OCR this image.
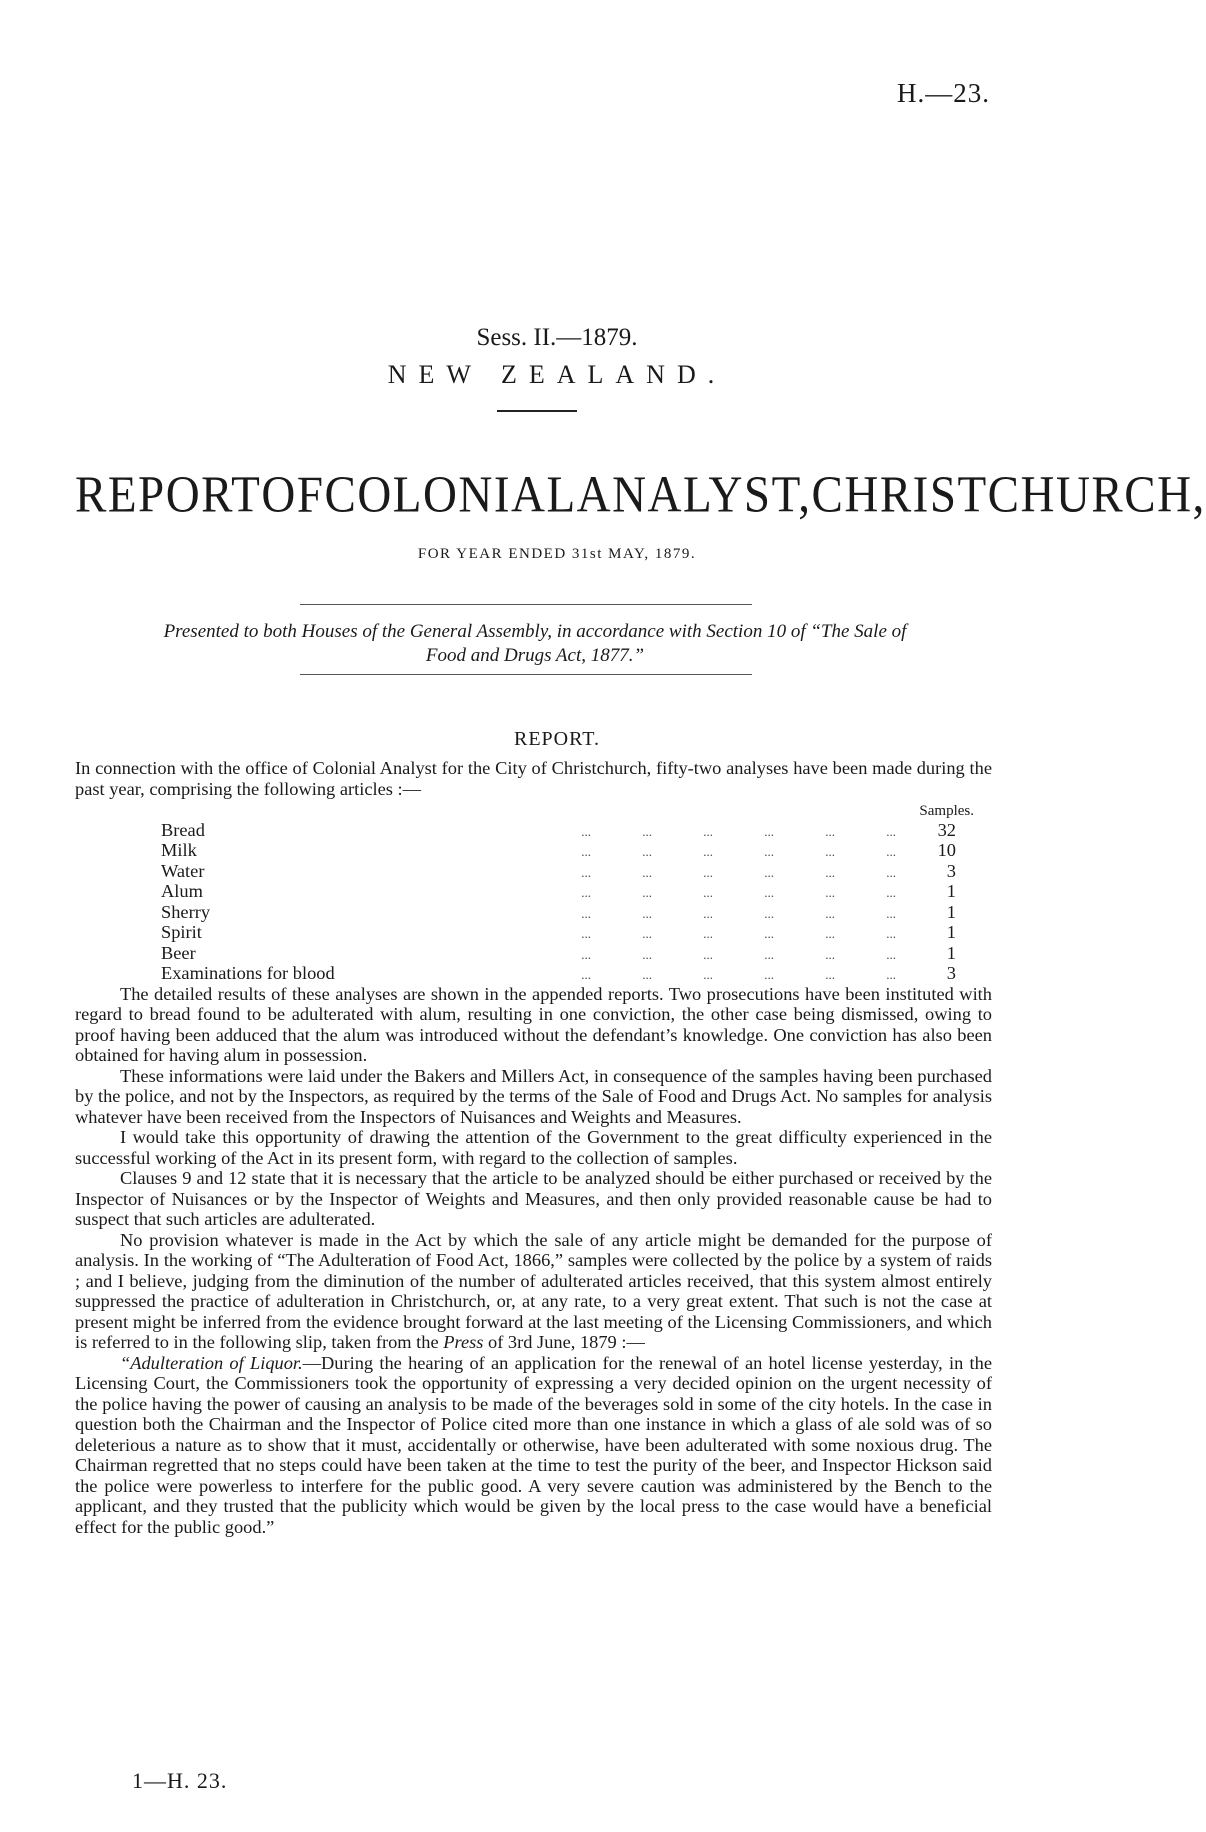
H.—23.
Sess. II.—1879.
NEW ZEALAND.
REPORT OF COLONIAL ANALYST, CHRISTCHURCH,
FOR YEAR ENDED 31st MAY, 1879.
Presented to both Houses of the General Assembly, in accordance with Section 10 of “The Sale of
Food and Drugs Act, 1877.”
REPORT.

In connection with the office of Colonial Analyst for the City of Christchurch, fifty-two analyses have been made during the past year, comprising the following articles :—

Samples.
Bread	... ... ... ... ... ...	32
Milk	... ... ... ... ... ...	10
Water	... ... ... ... ... ...	3
Alum	... ... ... ... ... ...	1
Sherry	... ... ... ... ... ...	1
Spirit	... ... ... ... ... ...	1
Beer	... ... ... ... ... ...	1
Examinations for blood	... ... ... ... ... ...	3

The detailed results of these analyses are shown in the appended reports. Two prosecutions have been instituted with regard to bread found to be adulterated with alum, resulting in one conviction, the other case being dismissed, owing to proof having been adduced that the alum was introduced without the defendant’s knowledge. One conviction has also been obtained for having alum in possession.

These informations were laid under the Bakers and Millers Act, in consequence of the samples having been purchased by the police, and not by the Inspectors, as required by the terms of the Sale of Food and Drugs Act. No samples for analysis whatever have been received from the Inspectors of Nuisances and Weights and Measures.

I would take this opportunity of drawing the attention of the Government to the great difficulty experienced in the successful working of the Act in its present form, with regard to the collection of samples.

Clauses 9 and 12 state that it is necessary that the article to be analyzed should be either purchased or received by the Inspector of Nuisances or by the Inspector of Weights and Measures, and then only provided reasonable cause be had to suspect that such articles are adulterated.

No provision whatever is made in the Act by which the sale of any article might be demanded for the purpose of analysis. In the working of “The Adulteration of Food Act, 1866,” samples were collected by the police by a system of raids ; and I believe, judging from the diminution of the number of adulterated articles received, that this system almost entirely suppressed the practice of adulteration in Christchurch, or, at any rate, to a very great extent. That such is not the case at present might be inferred from the evidence brought forward at the last meeting of the Licensing Commissioners, and which is referred to in the following slip, taken from the Press of 3rd June, 1879 :—

“Adulteration of Liquor.—During the hearing of an application for the renewal of an hotel license yesterday, in the Licensing Court, the Commissioners took the opportunity of expressing a very decided opinion on the urgent necessity of the police having the power of causing an analysis to be made of the beverages sold in some of the city hotels. In the case in question both the Chairman and the Inspector of Police cited more than one instance in which a glass of ale sold was of so deleterious a nature as to show that it must, accidentally or otherwise, have been adulterated with some noxious drug. The Chairman regretted that no steps could have been taken at the time to test the purity of the beer, and Inspector Hickson said the police were powerless to interfere for the public good. A very severe caution was administered by the Bench to the applicant, and they trusted that the publicity which would be given by the local press to the case would have a beneficial effect for the public good.”

1—H. 23.
